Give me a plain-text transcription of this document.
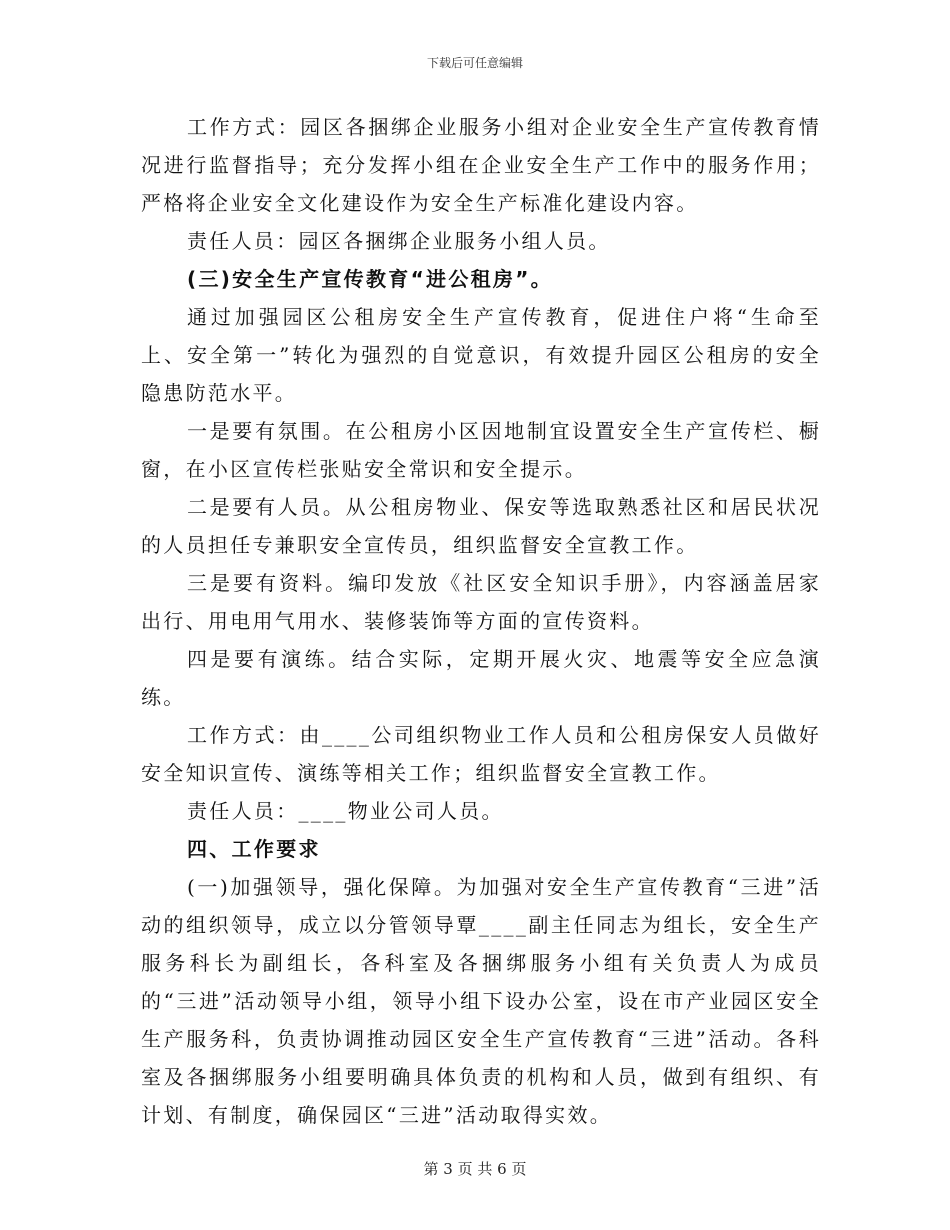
下载后可任意编辑

工作方式：园区各捆绑企业服务小组对企业安全生产宣传教育情况进行监督指导；充分发挥小组在企业安全生产工作中的服务作用；严格将企业安全文化建设作为安全生产标准化建设内容。

责任人员：园区各捆绑企业服务小组人员。

(三)安全生产宣传教育“进公租房”。

通过加强园区公租房安全生产宣传教育，促进住户将“生命至上、安全第一”转化为强烈的自觉意识，有效提升园区公租房的安全隐患防范水平。

一是要有氛围。在公租房小区因地制宜设置安全生产宣传栏、橱窗，在小区宣传栏张贴安全常识和安全提示。

二是要有人员。从公租房物业、保安等选取熟悉社区和居民状况的人员担任专兼职安全宣传员，组织监督安全宣教工作。

三是要有资料。编印发放《社区安全知识手册》，内容涵盖居家出行、用电用气用水、装修装饰等方面的宣传资料。

四是要有演练。结合实际，定期开展火灾、地震等安全应急演练。

工作方式：由____公司组织物业工作人员和公租房保安人员做好安全知识宣传、演练等相关工作；组织监督安全宣教工作。

责任人员：____物业公司人员。

四、工作要求

(一)加强领导，强化保障。为加强对安全生产宣传教育“三进”活动的组织领导，成立以分管领导覃____副主任同志为组长，安全生产服务科长为副组长，各科室及各捆绑服务小组有关负责人为成员的“三进”活动领导小组，领导小组下设办公室，设在市产业园区安全生产服务科，负责协调推动园区安全生产宣传教育“三进”活动。各科室及各捆绑服务小组要明确具体负责的机构和人员，做到有组织、有计划、有制度，确保园区“三进”活动取得实效。

第 3 页 共 6 页
